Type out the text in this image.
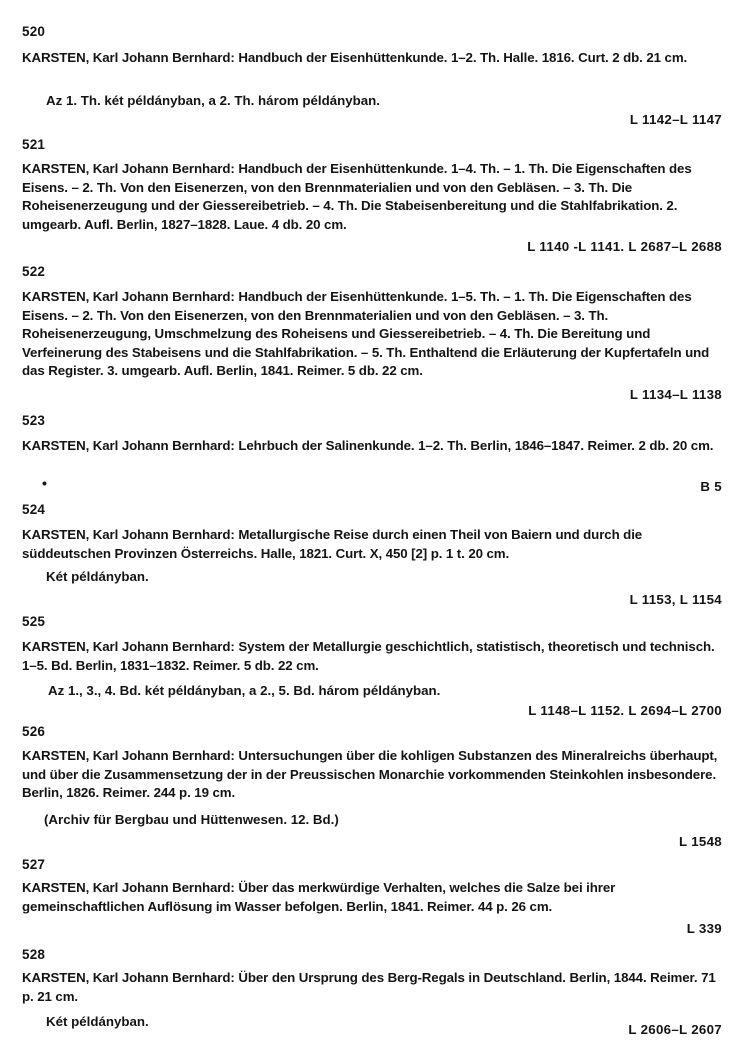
520
KARSTEN, Karl Johann Bernhard: Handbuch der Eisenhüttenkunde. 1–2. Th. Halle. 1816. Curt. 2 db. 21 cm.
Az 1. Th. két példányban, a 2. Th. három példányban.
L 1142–L 1147
521
KARSTEN, Karl Johann Bernhard: Handbuch der Eisenhüttenkunde. 1–4. Th. – 1. Th. Die Eigenschaften des Eisens. – 2. Th. Von den Eisenerzen, von den Brennmaterialien und von den Gebläsen. – 3. Th. Die Roheisenerzeugung und der Giessereibetrieb. – 4. Th. Die Stabeisenbereitung und die Stahlfabrikation. 2. umgearb. Aufl. Berlin, 1827–1828. Laue. 4 db. 20 cm.
L 1140 -L 1141. L 2687–L 2688
522
KARSTEN, Karl Johann Bernhard: Handbuch der Eisenhüttenkunde. 1–5. Th. – 1. Th. Die Eigenschaften des Eisens. – 2. Th. Von den Eisenerzen, von den Brennmaterialien und von den Gebläsen. – 3. Th. Roheisenerzeugung, Umschmelzung des Roheisens und Giessereibetrieb. – 4. Th. Die Bereitung und Verfeinerung des Stabeisens und die Stahlfabrikation. – 5. Th. Enthaltend die Erläuterung der Kupfertafeln und das Register. 3. umgearb. Aufl. Berlin, 1841. Reimer. 5 db. 22 cm.
L 1134–L 1138
523
KARSTEN, Karl Johann Bernhard: Lehrbuch der Salinenkunde. 1–2. Th. Berlin, 1846–1847. Reimer. 2 db. 20 cm.
•	B 5
524
KARSTEN, Karl Johann Bernhard: Metallurgische Reise durch einen Theil von Baiern und durch die süddeutschen Provinzen Österreichs. Halle, 1821. Curt. X, 450 [2] p. 1 t. 20 cm.
Két példányban.
L 1153, L 1154
525
KARSTEN, Karl Johann Bernhard: System der Metallurgie geschichtlich, statistisch, theoretisch und technisch. 1–5. Bd. Berlin, 1831–1832. Reimer. 5 db. 22 cm.
Az 1., 3., 4. Bd. két példányban, a 2., 5. Bd. három példányban.
L 1148–L 1152. L 2694–L 2700
526
KARSTEN, Karl Johann Bernhard: Untersuchungen über die kohligen Substanzen des Mineralreichs überhaupt, und über die Zusammensetzung der in der Preussischen Monarchie vorkommenden Steinkohlen insbesondere. Berlin, 1826. Reimer. 244 p. 19 cm.
(Archiv für Bergbau und Hüttenwesen. 12. Bd.)
L 1548
527
KARSTEN, Karl Johann Bernhard: Über das merkwürdige Verhalten, welches die Salze bei ihrer gemeinschaftlichen Auflösung im Wasser befolgen. Berlin, 1841. Reimer. 44 p. 26 cm.
L 339
528
KARSTEN, Karl Johann Bernhard: Über den Ursprung des Berg-Regals in Deutschland. Berlin, 1844. Reimer. 71 p. 21 cm.
Két példányban.
L 2606–L 2607
